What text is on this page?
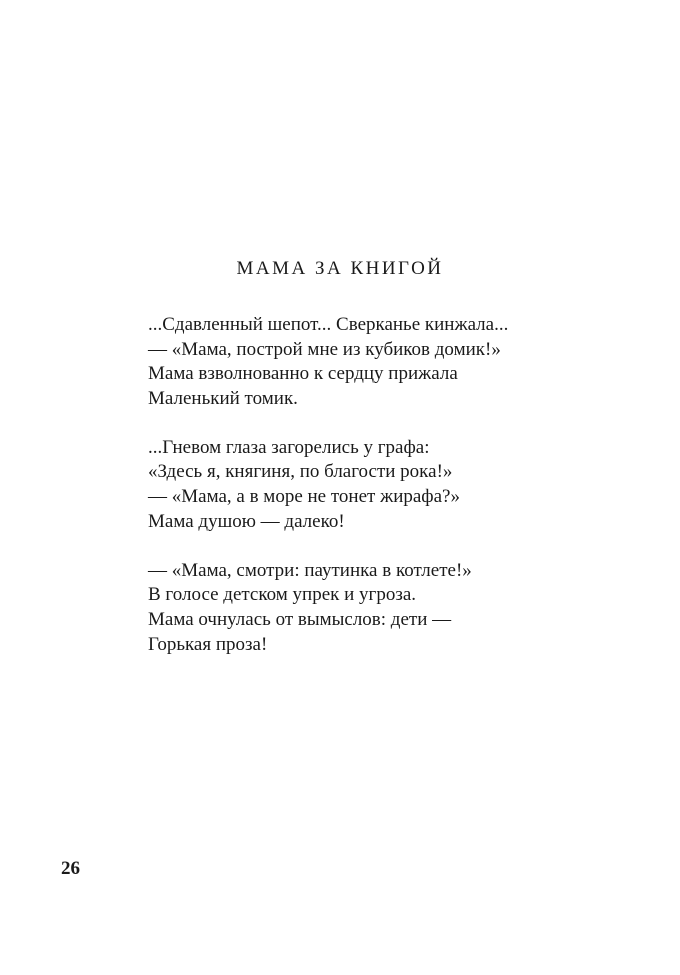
МАМА ЗА КНИГОЙ
...Сдавленный шепот... Сверканье кинжала...
— «Мама, построй мне из кубиков домик!»
Мама взволнованно к сердцу прижала
Маленький томик.
...Гневом глаза загорелись у графа:
«Здесь я, княгиня, по благости рока!»
— «Мама, а в море не тонет жирафа?»
Мама душою — далеко!
— «Мама, смотри: паутинка в котлете!»
В голосе детском упрек и угроза.
Мама очнулась от вымыслов: дети —
Горькая проза!
26
